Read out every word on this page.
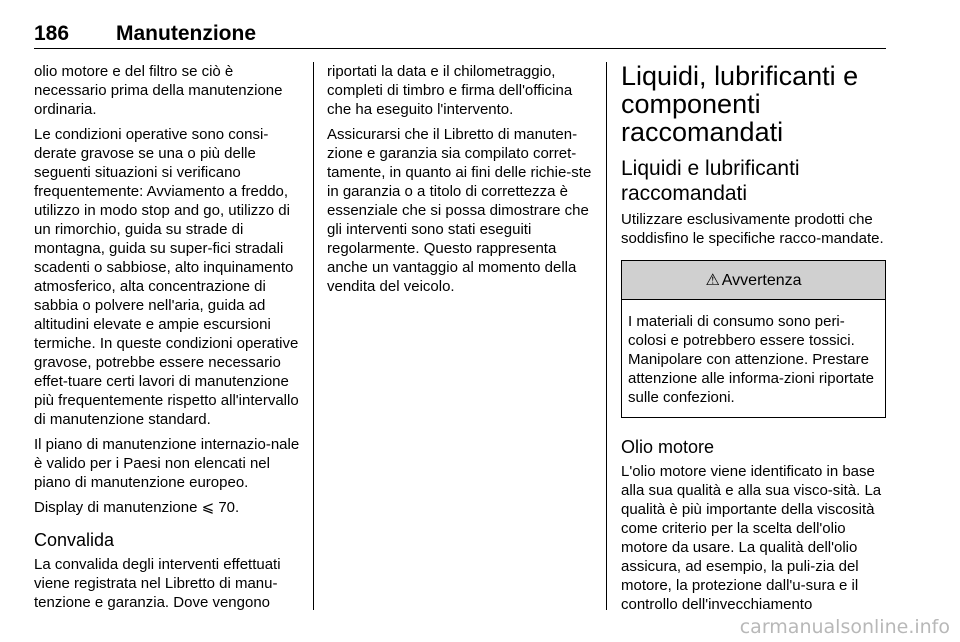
186 Manutenzione

olio motore e del filtro se ciò è necessario prima della manutenzione ordinaria.

Le condizioni operative sono consi-derate gravose se una o più delle seguenti situazioni si verificano frequentemente: Avviamento a freddo, utilizzo in modo stop and go, utilizzo di un rimorchio, guida su strade di montagna, guida su super-fici stradali scadenti o sabbiose, alto inquinamento atmosferico, alta concentrazione di sabbia o polvere nell'aria, guida ad altitudini elevate e ampie escursioni termiche. In queste condizioni operative gravose, potrebbe essere necessario effet-tuare certi lavori di manutenzione più frequentemente rispetto all'intervallo di manutenzione standard.

Il piano di manutenzione internazio-nale è valido per i Paesi non elencati nel piano di manutenzione europeo.

Display di manutenzione ⩽ 70.

Convalida

La convalida degli interventi effettuati viene registrata nel Libretto di manu-tenzione e garanzia. Dove vengono

riportati la data e il chilometraggio, completi di timbro e firma dell'officina che ha eseguito l'intervento.

Assicurarsi che il Libretto di manuten-zione e garanzia sia compilato corret-tamente, in quanto ai fini delle richie-ste in garanzia o a titolo di correttezza è essenziale che si possa dimostrare che gli interventi sono stati eseguiti regolarmente. Questo rappresenta anche un vantaggio al momento della vendita del veicolo.

Liquidi, lubrificanti e componenti raccomandati
Liquidi e lubrificanti raccomandati

Utilizzare esclusivamente prodotti che soddisfino le specifiche racco-mandate.

⚠ Avvertenza
I materiali di consumo sono peri-colosi e potrebbero essere tossici. Manipolare con attenzione. Prestare attenzione alle informa-zioni riportate sulle confezioni.
Olio motore

L'olio motore viene identificato in base alla sua qualità e alla sua visco-sità. La qualità è più importante della viscosità come criterio per la scelta dell'olio motore da usare. La qualità dell'olio assicura, ad esempio, la puli-zia del motore, la protezione dall'u-sura e il controllo dell'invecchiamento

carmanualsonline.info
